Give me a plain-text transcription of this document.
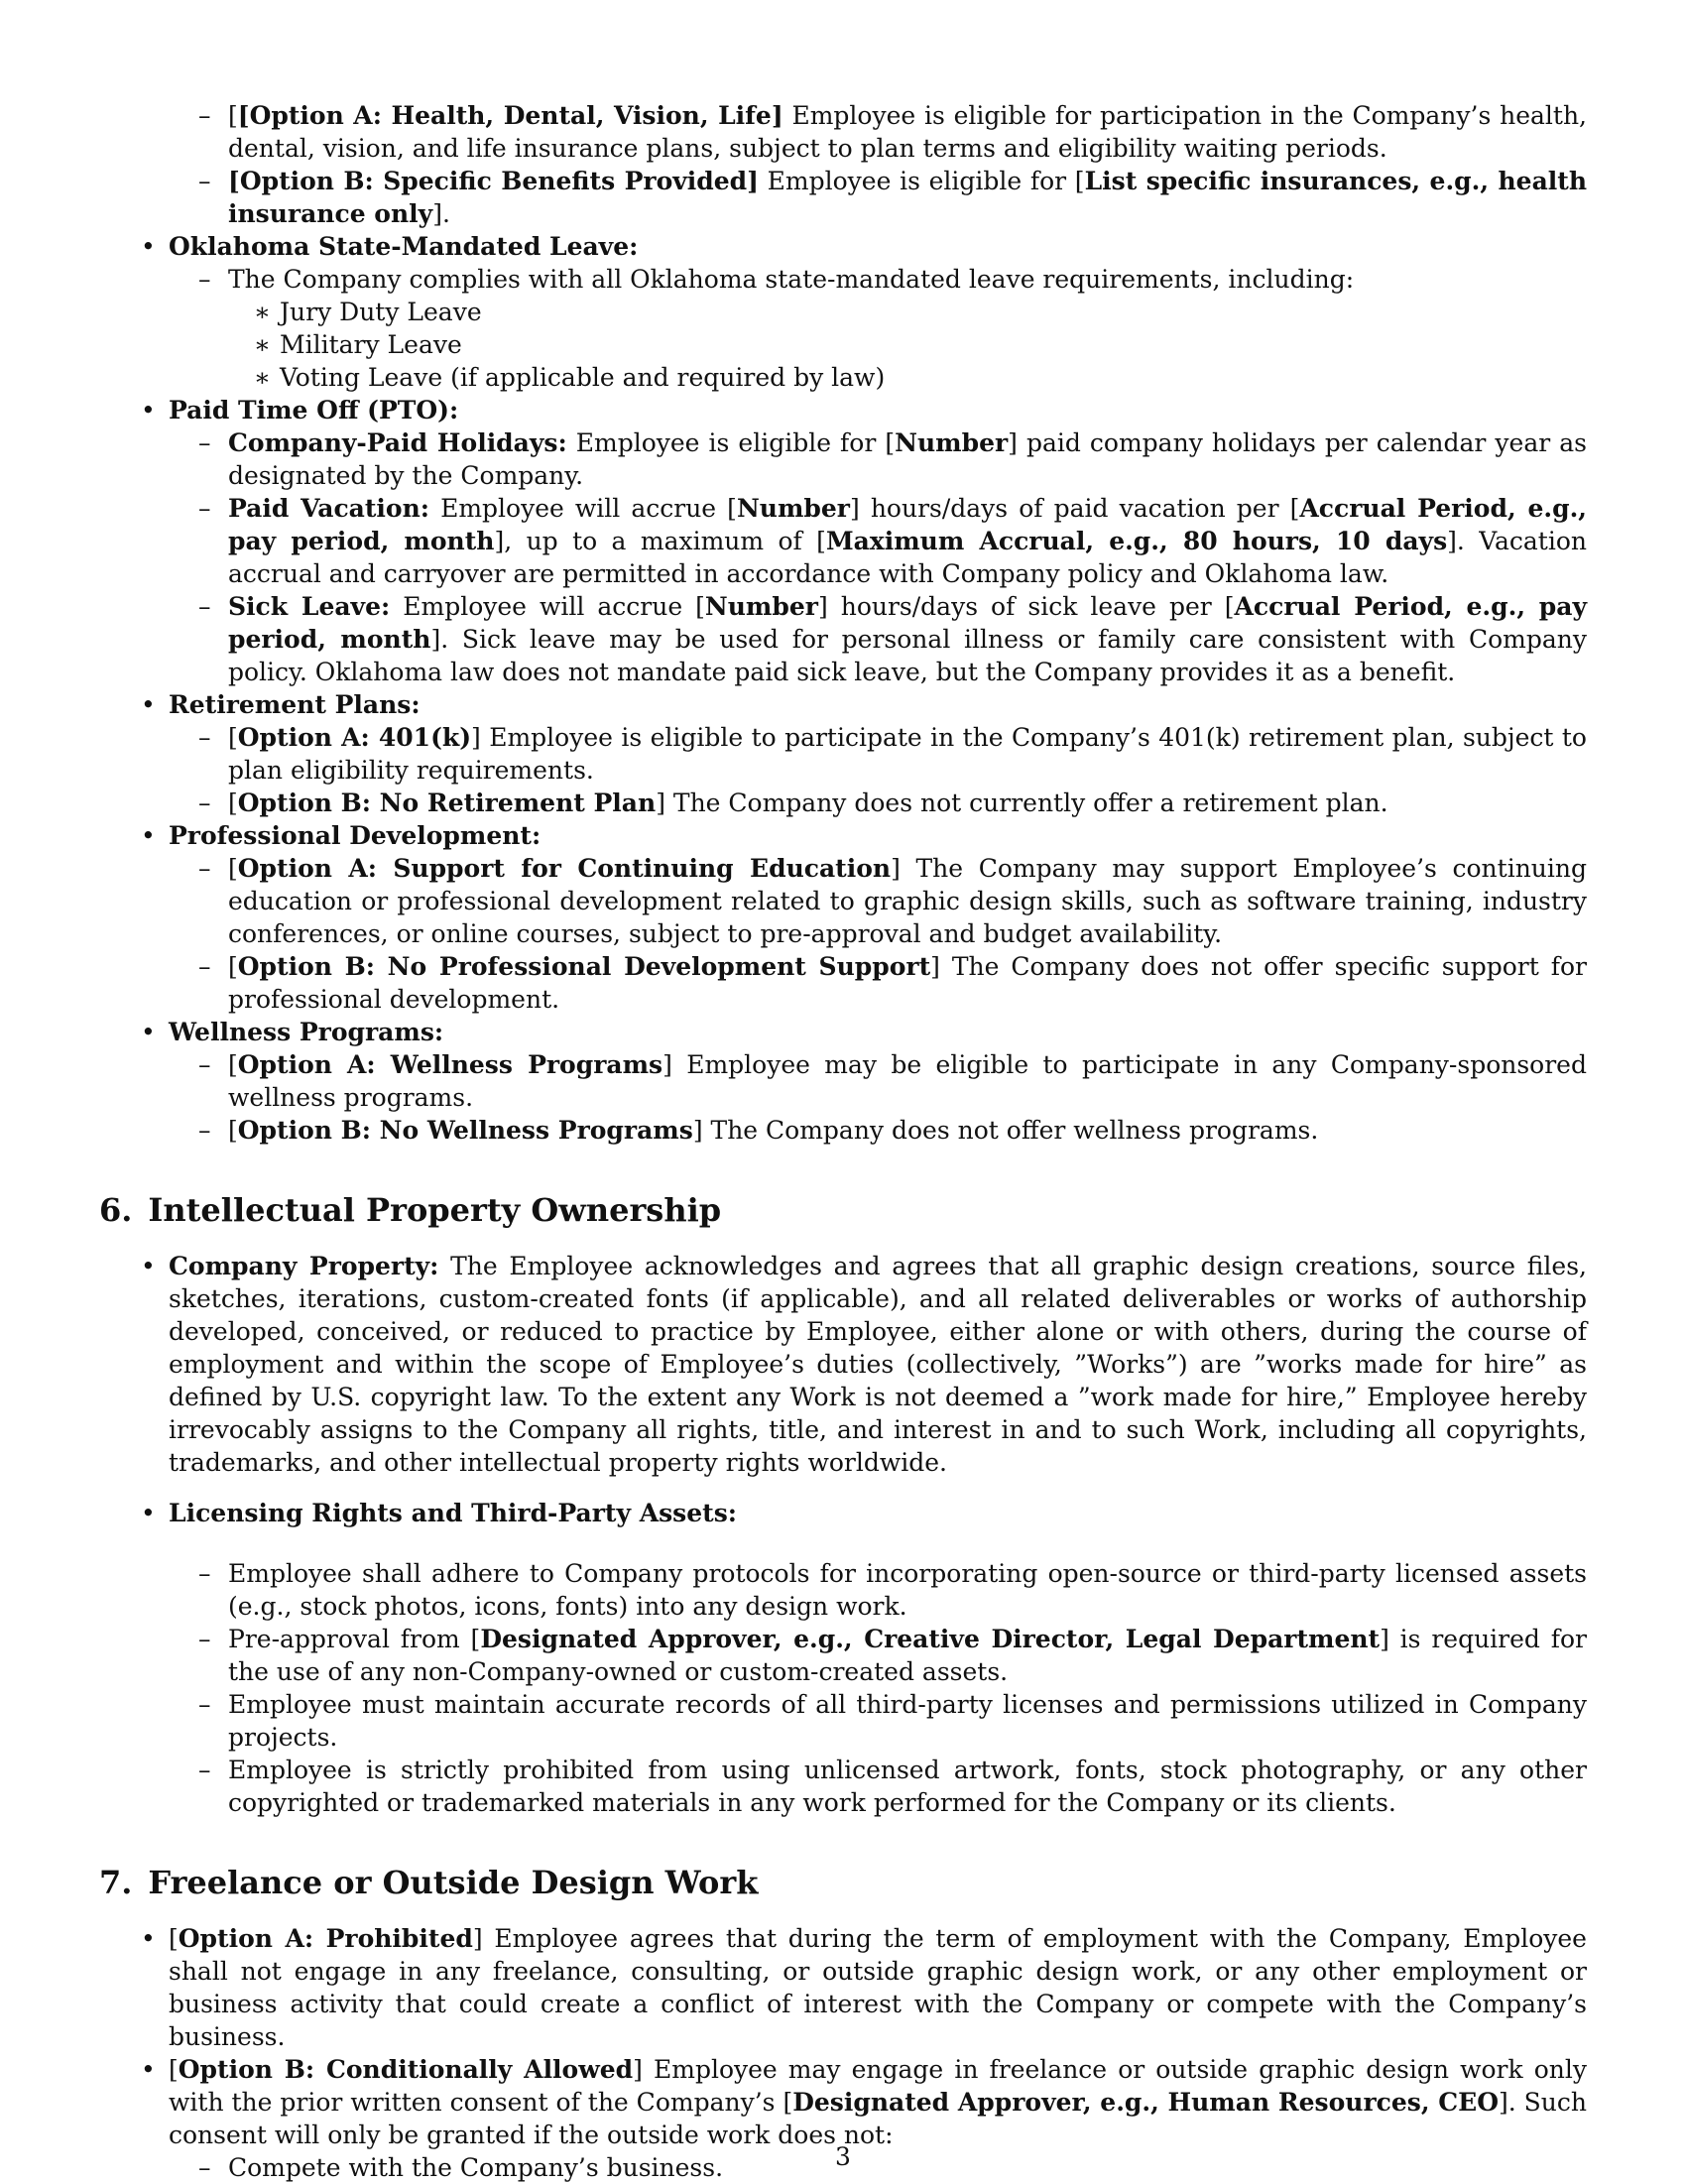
– [[Option A: Health, Dental, Vision, Life] Employee is eligible for participation in the Company’s health, dental, vision, and life insurance plans, subject to plan terms and eligibility waiting periods.
– [Option B: Specific Benefits Provided] Employee is eligible for [List specific insurances, e.g., health insurance only].
• Oklahoma State-Mandated Leave:
– The Company complies with all Oklahoma state-mandated leave requirements, including:
∗ Jury Duty Leave
∗ Military Leave
∗ Voting Leave (if applicable and required by law)
• Paid Time Off (PTO):
– Company-Paid Holidays: Employee is eligible for [Number] paid company holidays per calendar year as designated by the Company.
– Paid Vacation: Employee will accrue [Number] hours/days of paid vacation per [Accrual Period, e.g., pay period, month], up to a maximum of [Maximum Accrual, e.g., 80 hours, 10 days]. Vacation accrual and carryover are permitted in accordance with Company policy and Oklahoma law.
– Sick Leave: Employee will accrue [Number] hours/days of sick leave per [Accrual Period, e.g., pay period, month]. Sick leave may be used for personal illness or family care consistent with Company policy. Oklahoma law does not mandate paid sick leave, but the Company provides it as a benefit.
• Retirement Plans:
– [Option A: 401(k)] Employee is eligible to participate in the Company’s 401(k) retirement plan, subject to plan eligibility requirements.
– [Option B: No Retirement Plan] The Company does not currently offer a retirement plan.
• Professional Development:
– [Option A: Support for Continuing Education] The Company may support Employee’s continuing education or professional development related to graphic design skills, such as software training, industry conferences, or online courses, subject to pre-approval and budget availability.
– [Option B: No Professional Development Support] The Company does not offer specific support for professional development.
• Wellness Programs:
– [Option A: Wellness Programs] Employee may be eligible to participate in any Company-sponsored wellness programs.
– [Option B: No Wellness Programs] The Company does not offer wellness programs.
6. Intellectual Property Ownership
• Company Property: The Employee acknowledges and agrees that all graphic design creations, source files, sketches, iterations, custom-created fonts (if applicable), and all related deliverables or works of authorship developed, conceived, or reduced to practice by Employee, either alone or with others, during the course of employment and within the scope of Employee’s duties (collectively, ”Works”) are ”works made for hire” as defined by U.S. copyright law. To the extent any Work is not deemed a ”work made for hire,” Employee hereby irrevocably assigns to the Company all rights, title, and interest in and to such Work, including all copyrights, trademarks, and other intellectual property rights worldwide.
• Licensing Rights and Third-Party Assets:
– Employee shall adhere to Company protocols for incorporating open-source or third-party licensed assets (e.g., stock photos, icons, fonts) into any design work.
– Pre-approval from [Designated Approver, e.g., Creative Director, Legal Department] is required for the use of any non-Company-owned or custom-created assets.
– Employee must maintain accurate records of all third-party licenses and permissions utilized in Company projects.
– Employee is strictly prohibited from using unlicensed artwork, fonts, stock photography, or any other copyrighted or trademarked materials in any work performed for the Company or its clients.
7. Freelance or Outside Design Work
• [Option A: Prohibited] Employee agrees that during the term of employment with the Company, Employee shall not engage in any freelance, consulting, or outside graphic design work, or any other employment or business activity that could create a conflict of interest with the Company or compete with the Company’s business.
• [Option B: Conditionally Allowed] Employee may engage in freelance or outside graphic design work only with the prior written consent of the Company’s [Designated Approver, e.g., Human Resources, CEO]. Such consent will only be granted if the outside work does not:
– Compete with the Company’s business.	3
